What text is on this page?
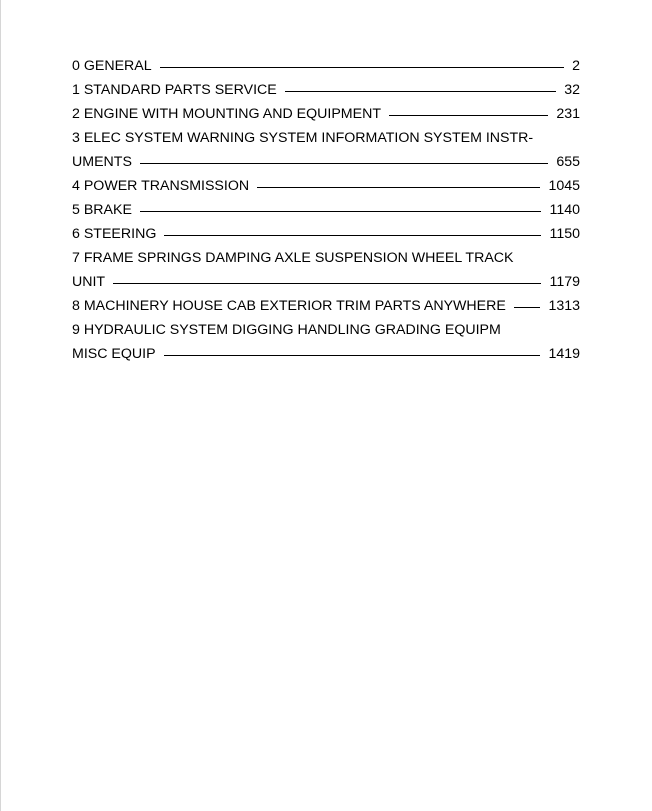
0 GENERAL	2
1 STANDARD PARTS SERVICE	32
2 ENGINE WITH MOUNTING AND EQUIPMENT	231
3 ELEC SYSTEM WARNING SYSTEM INFORMATION SYSTEM INSTR-
UMENTS	655
4 POWER TRANSMISSION	1045
5 BRAKE	1140
6 STEERING	1150
7 FRAME SPRINGS DAMPING AXLE SUSPENSION WHEEL TRACK
UNIT	1179
8 MACHINERY HOUSE CAB EXTERIOR TRIM PARTS ANYWHERE	1313
9 HYDRAULIC SYSTEM DIGGING HANDLING GRADING EQUIPM
MISC EQUIP	1419
